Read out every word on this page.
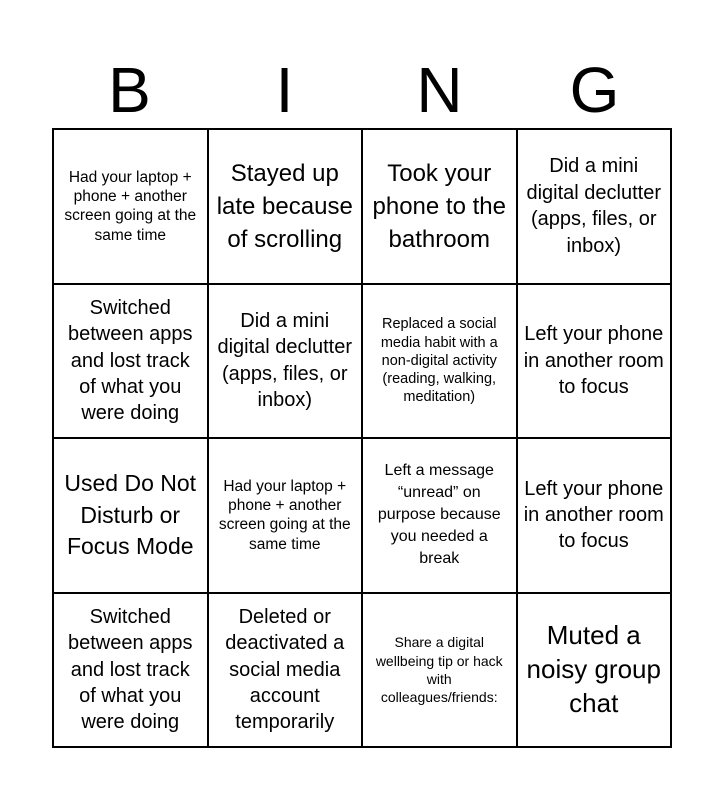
B	I	N	G
Had your laptop + phone + another screen going at the same time
Stayed up late because of scrolling
Took your phone to the bathroom
Did a mini digital declutter (apps, files, or inbox)
Switched between apps and lost track of what you were doing
Did a mini digital declutter (apps, files, or inbox)
Replaced a social media habit with a non-digital activity (reading, walking, meditation)
Left your phone in another room to focus
Used Do Not Disturb or Focus Mode
Had your laptop + phone + another screen going at the same time
Left a message “unread” on purpose because you needed a break
Left your phone in another room to focus
Switched between apps and lost track of what you were doing
Deleted or deactivated a social media account temporarily
Share a digital wellbeing tip or hack with colleagues/friends:
Muted a noisy group chat
